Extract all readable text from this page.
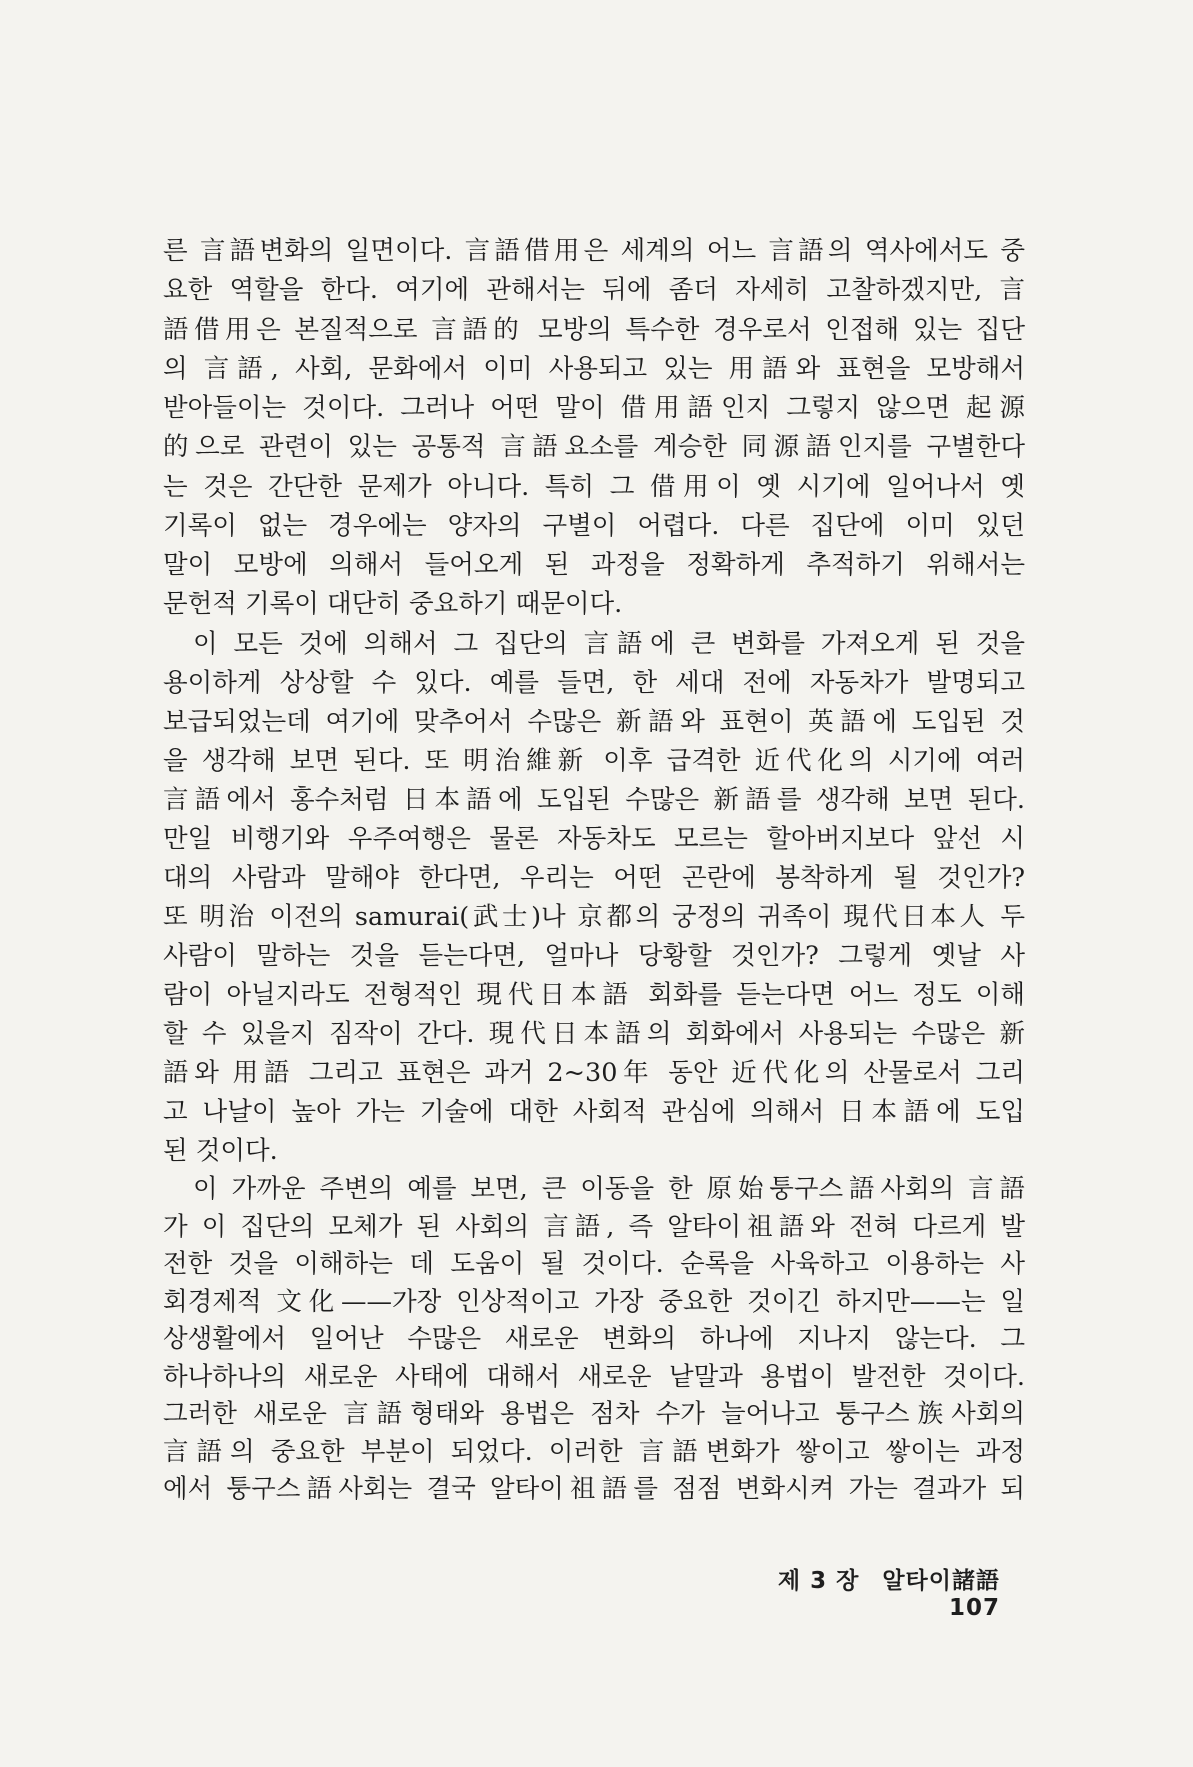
른 言語변화의 일면이다. 言語借用은 세계의 어느 言語의 역사에서도 중
요한 역할을 한다. 여기에 관해서는 뒤에 좀더 자세히 고찰하겠지만, 言
語借用은 본질적으로 言語的 모방의 특수한 경우로서 인접해 있는 집단
의 言語, 사회, 문화에서 이미 사용되고 있는 用語와 표현을 모방해서
받아들이는 것이다. 그러나 어떤 말이 借用語인지 그렇지 않으면 起源
的으로 관련이 있는 공통적 言語요소를 계승한 同源語인지를 구별한다
는 것은 간단한 문제가 아니다. 특히 그 借用이 옛 시기에 일어나서 옛
기록이 없는 경우에는 양자의 구별이 어렵다. 다른 집단에 이미 있던
말이 모방에 의해서 들어오게 된 과정을 정확하게 추적하기 위해서는

문헌적 기록이 대단히 중요하기 때문이다.

이 모든 것에 의해서 그 집단의 言語에 큰 변화를 가져오게 된 것을
용이하게 상상할 수 있다. 예를 들면, 한 세대 전에 자동차가 발명되고
보급되었는데 여기에 맞추어서 수많은 新語와 표현이 英語에 도입된 것
을 생각해 보면 된다. 또 明治維新 이후 급격한 近代化의 시기에 여러
言語에서 홍수처럼 日本語에 도입된 수많은 新語를 생각해 보면 된다.
만일 비행기와 우주여행은 물론 자동차도 모르는 할아버지보다 앞선 시
대의 사람과 말해야 한다면, 우리는 어떤 곤란에 봉착하게 될 것인가?
또 明治 이전의 samurai(武士)나 京都의 궁정의 귀족이 現代日本人 두
사람이 말하는 것을 듣는다면, 얼마나 당황할 것인가? 그렇게 옛날 사
람이 아닐지라도 전형적인 現代日本語 회화를 듣는다면 어느 정도 이해
할 수 있을지 짐작이 간다. 現代日本語의 회화에서 사용되는 수많은 新
語와 用語 그리고 표현은 과거 2~30年 동안 近代化의 산물로서 그리
고 나날이 높아 가는 기술에 대한 사회적 관심에 의해서 日本語에 도입

된 것이다.

이 가까운 주변의 예를 보면, 큰 이동을 한 原始퉁구스語사회의 言語
가 이 집단의 모체가 된 사회의 言語, 즉 알타이祖語와 전혀 다르게 발
전한 것을 이해하는 데 도움이 될 것이다. 순록을 사육하고 이용하는 사
회경제적 文化——가장 인상적이고 가장 중요한 것이긴 하지만——는 일
상생활에서 일어난 수많은 새로운 변화의 하나에 지나지 않는다. 그
하나하나의 새로운 사태에 대해서 새로운 낱말과 용법이 발전한 것이다.
그러한 새로운 言語형태와 용법은 점차 수가 늘어나고 퉁구스族사회의
言語의 중요한 부분이 되었다. 이러한 言語변화가 쌓이고 쌓이는 과정
에서 퉁구스語사회는 결국 알타이祖語를 점점 변화시켜 가는 결과가 되

제 3 장 알타이諸語 107
